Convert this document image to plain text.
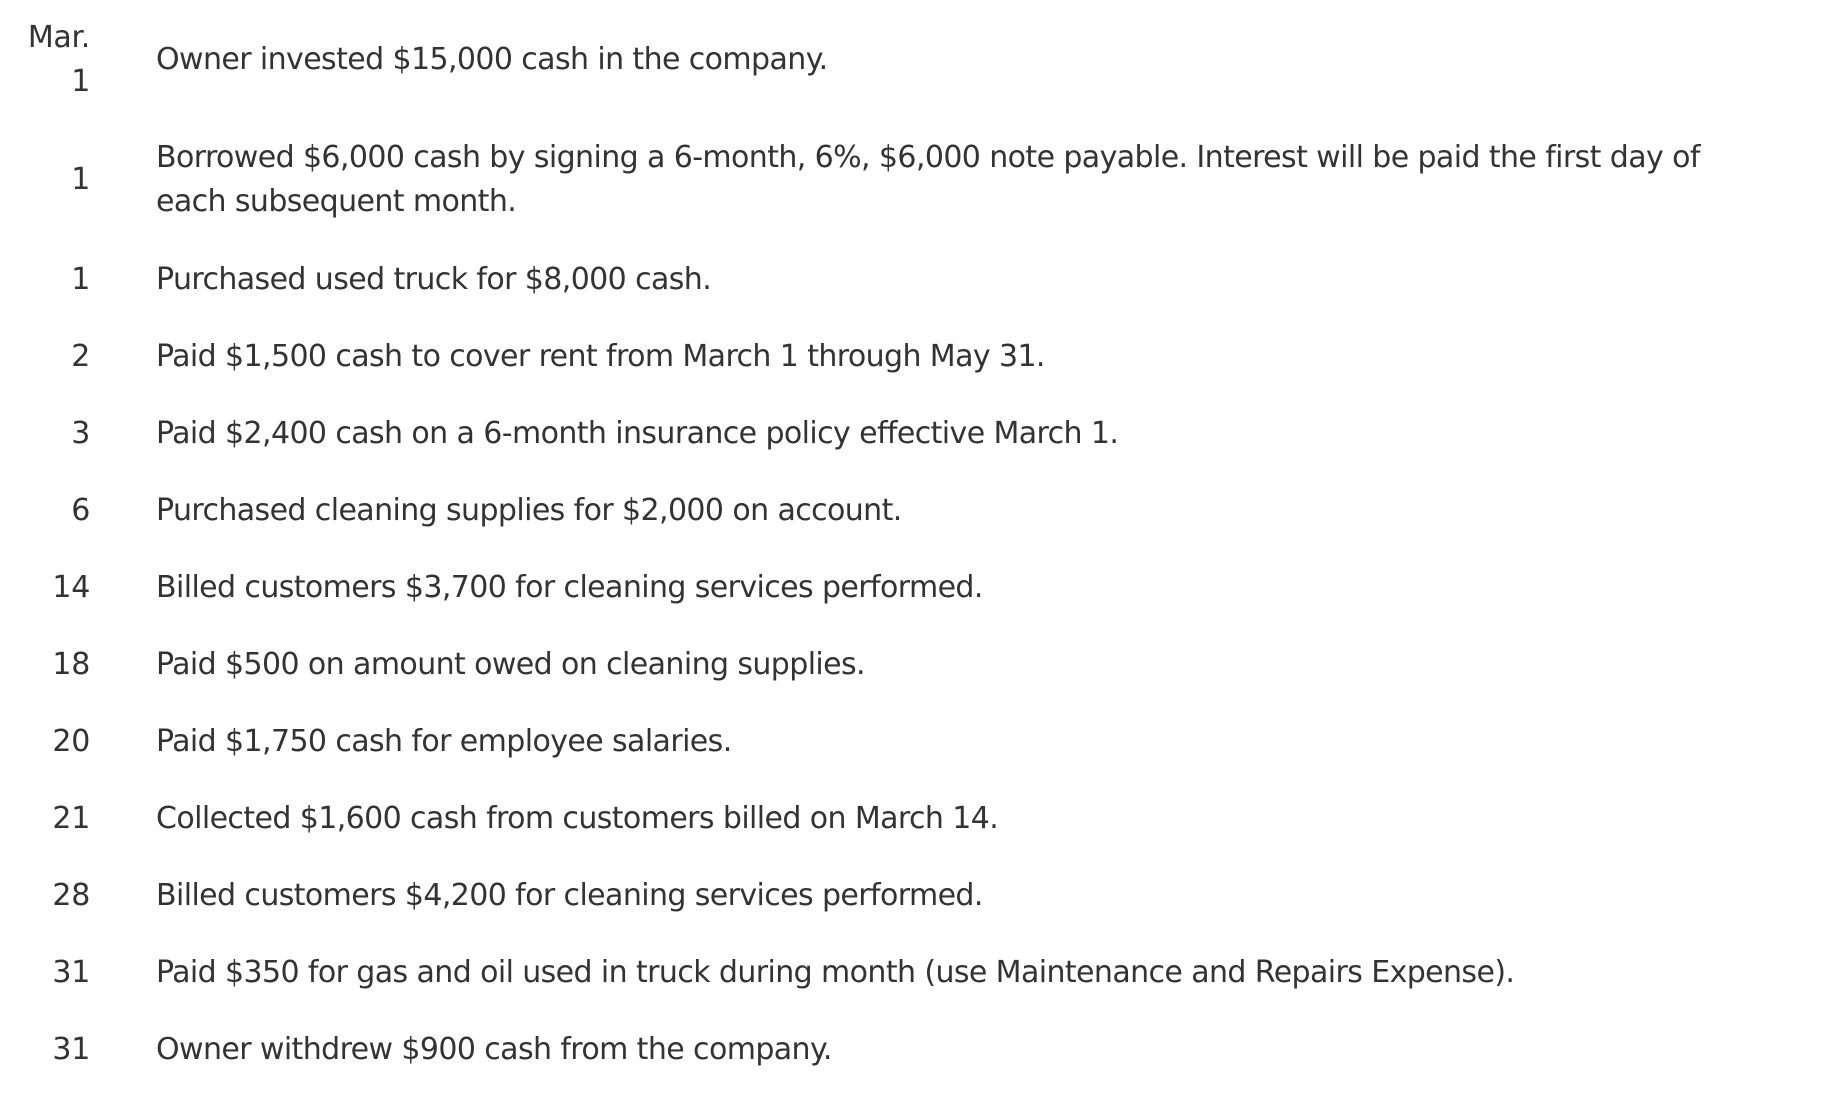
Mar.
1
Owner invested $15,000 cash in the company.
1
Borrowed $6,000 cash by signing a 6-month, 6%, $6,000 note payable. Interest will be paid the first day of each subsequent month.
1 Purchased used truck for $8,000 cash.
2 Paid $1,500 cash to cover rent from March 1 through May 31.
3 Paid $2,400 cash on a 6-month insurance policy effective March 1.
6 Purchased cleaning supplies for $2,000 on account.
14 Billed customers $3,700 for cleaning services performed.
18 Paid $500 on amount owed on cleaning supplies.
20 Paid $1,750 cash for employee salaries.
21 Collected $1,600 cash from customers billed on March 14.
28 Billed customers $4,200 for cleaning services performed.
31 Paid $350 for gas and oil used in truck during month (use Maintenance and Repairs Expense).
31 Owner withdrew $900 cash from the company.
